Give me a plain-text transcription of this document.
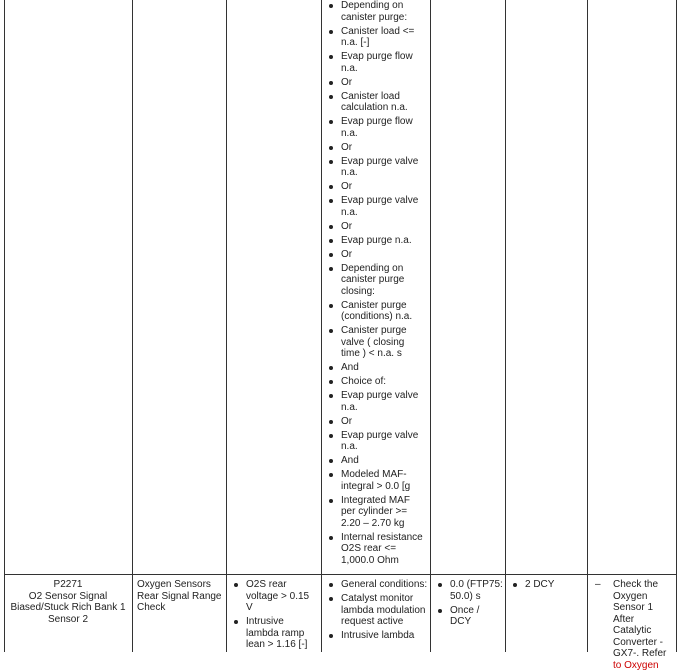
Depending on canister purge:
Canister load <= n.a. [-]
Evap purge flow n.a.
Or
Canister load calculation n.a.
Evap purge flow n.a.
Or
Evap purge valve n.a.
Or
Evap purge valve n.a.
Or
Evap purge n.a.
Or
Depending on canister purge closing:
Canister purge (conditions) n.a.
Canister purge valve ( closing time ) < n.a. s
And
Choice of:
Evap purge valve n.a.
Or
Evap purge valve n.a.
And
Modeled MAF-integral > 0.0 [g
Integrated MAF per cylinder >= 2.20 – 2.70 kg
Internal resistance O2S rear <= 1,000.0 Ohm
P2271
O2 Sensor Signal Biased/Stuck Rich Bank 1 Sensor 2
Oxygen Sensors Rear Signal Range Check
O2S rear voltage > 0.15 V
Intrusive lambda ramp lean > 1.16 [-]
General conditions:
Catalyst monitor lambda modulation request active
Intrusive lambda
0.0 (FTP75: 50.0) s
Once / DCY
2 DCY
–	Check the Oxygen Sensor 1 After Catalytic Converter - GX7-. Refer to Oxygen
